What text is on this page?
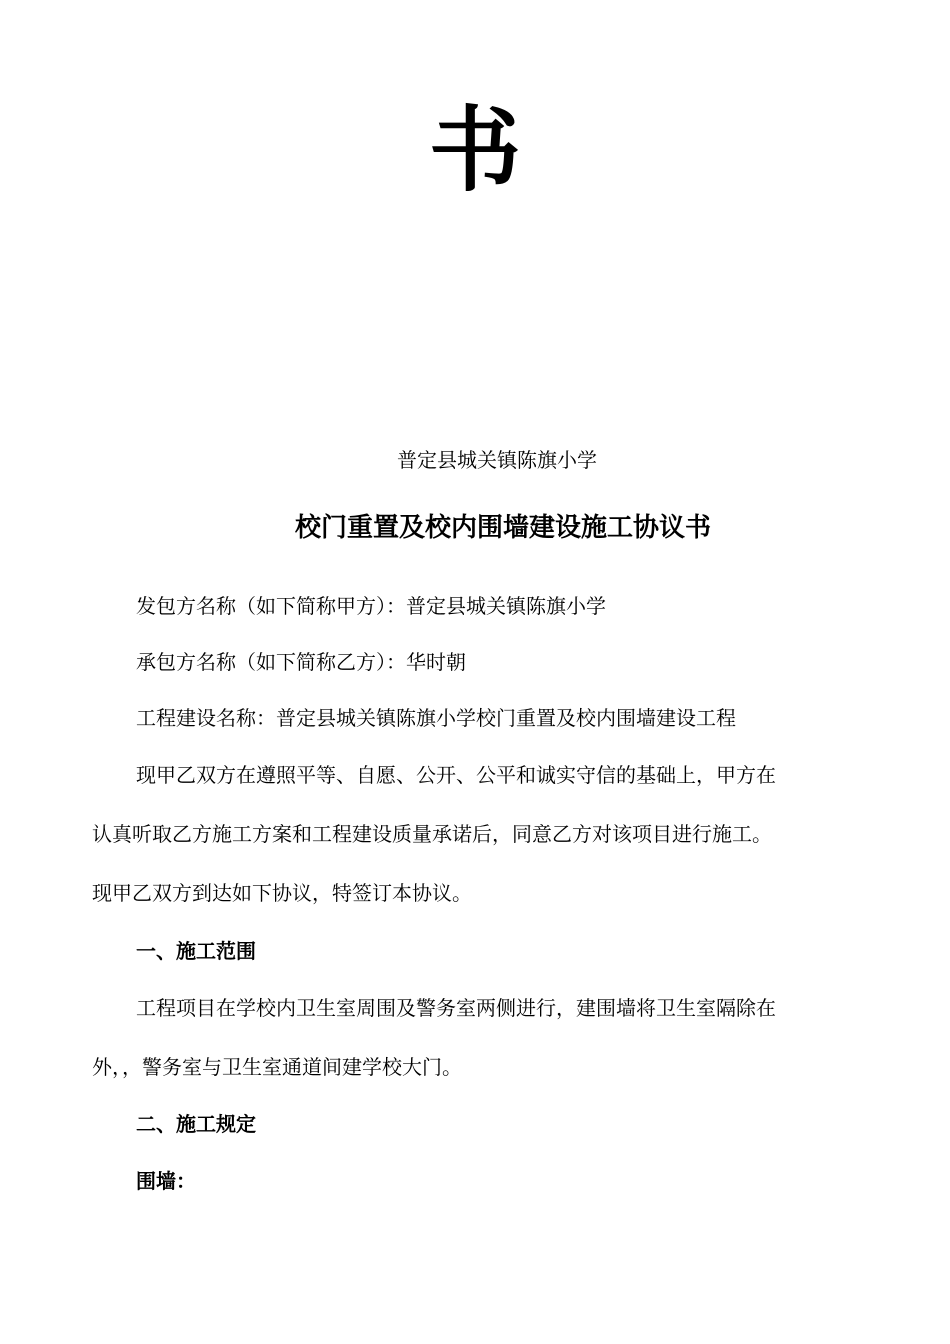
书
普定县城关镇陈旗小学
校门重置及校内围墙建设施工协议书
发包方名称（如下简称甲方）：普定县城关镇陈旗小学
承包方名称（如下简称乙方）：华时朝
工程建设名称：普定县城关镇陈旗小学校门重置及校内围墙建设工程
现甲乙双方在遵照平等、自愿、公开、公平和诚实守信的基础上，甲方在
认真听取乙方施工方案和工程建设质量承诺后，同意乙方对该项目进行施工。
现甲乙双方到达如下协议，特签订本协议。
一、施工范围
工程项目在学校内卫生室周围及警务室两侧进行，建围墙将卫生室隔除在
外，，警务室与卫生室通道间建学校大门。
二、施工规定
围墙：
